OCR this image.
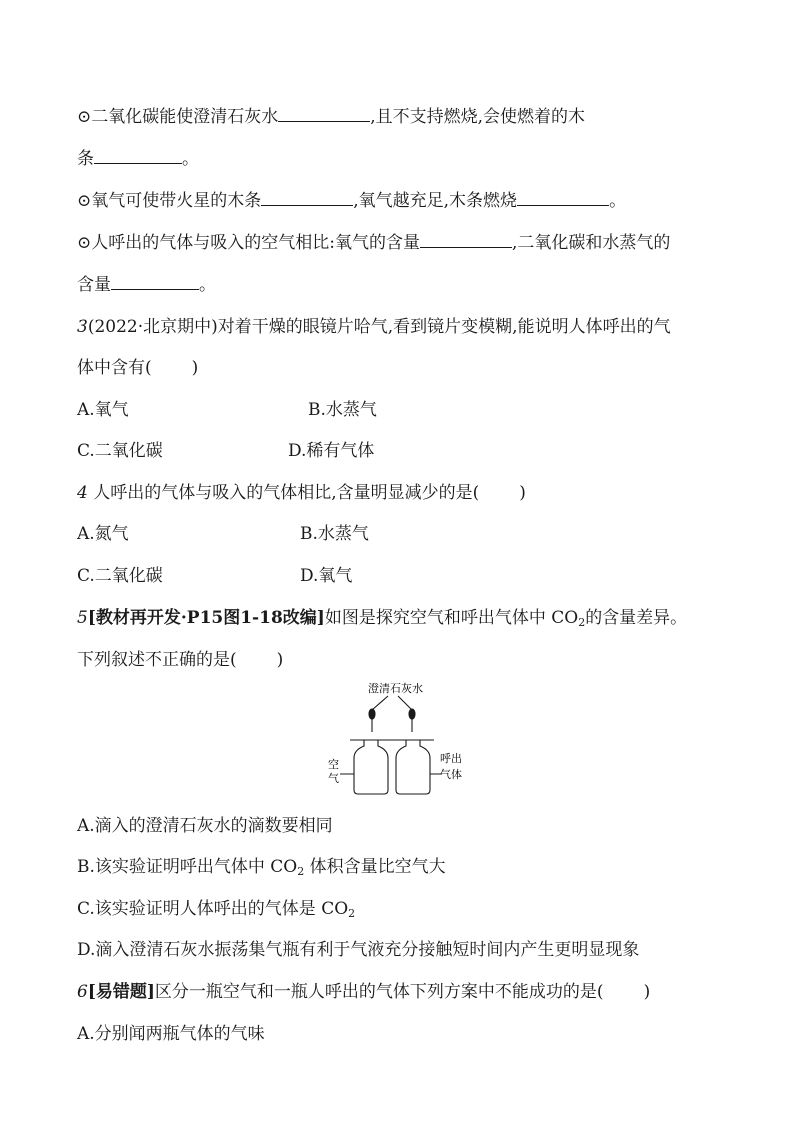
⊙二氧化碳能使澄清石灰水	,且不支持燃烧,会使燃着的木
条	。
⊙氧气可使带火星的木条	,氧气越充足,木条燃烧	。
⊙人呼出的气体与吸入的空气相比:氧气的含量	,二氧化碳和水蒸气的
含量	。
3(2022·北京期中)对着干燥的眼镜片哈气,看到镜片变模糊,能说明人体呼出的气
体中含有( )
A.氧气	B.水蒸气
C.二氧化碳	D.稀有气体
4 人呼出的气体与吸入的气体相比,含量明显减少的是( )
A.氮气	B.水蒸气
C.二氧化碳	D.氧气
5[教材再开发·P15图1-18改编]如图是探究空气和呼出气体中 $CO_2$的含量差异。
下列叙述不正确的是( )
澄清石灰水
空
气
呼出
气体
A.滴入的澄清石灰水的滴数要相同
B.该实验证明呼出气体中 $CO_2$ 体积含量比空气大
C.该实验证明人体呼出的气体是 $CO_2$
D.滴入澄清石灰水振荡集气瓶有利于气液充分接触短时间内产生更明显现象
6[易错题]区分一瓶空气和一瓶人呼出的气体下列方案中不能成功的是( )
A.分别闻两瓶气体的气味
